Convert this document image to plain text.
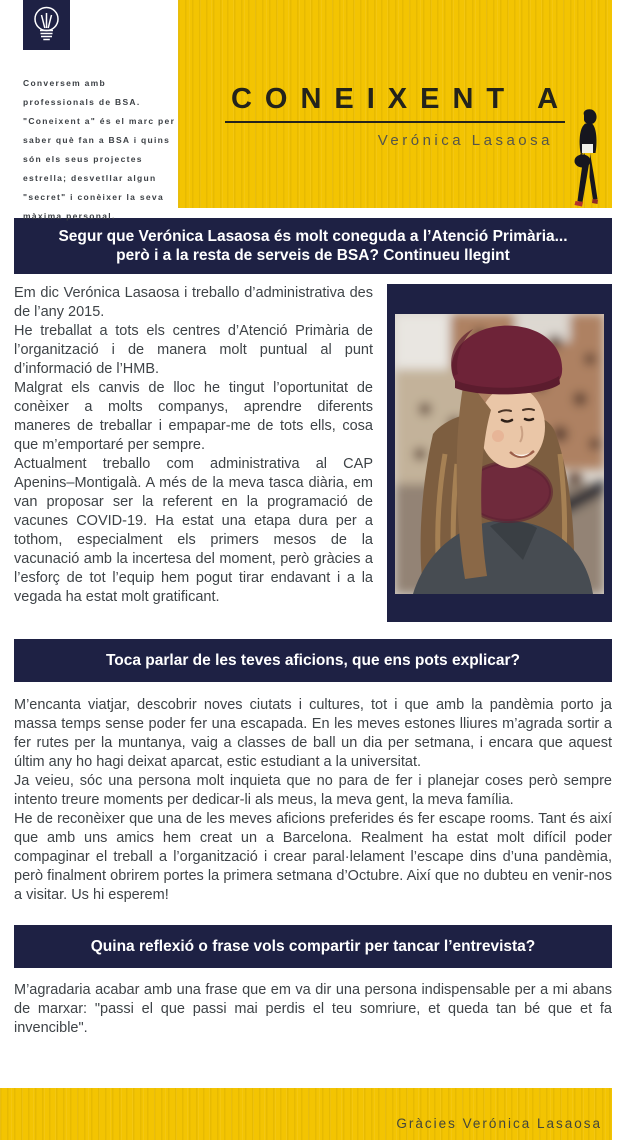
Conversem amb professionals de BSA. "Coneixent a" és el marc per saber què fan a BSA i quins són els seus projectes estrella; desvetllar algun "secret" i conèixer la seva màxima personal.

CONEIXENT A
Verónica Lasaosa
Segur que Verónica Lasaosa és molt coneguda a l’Atenció Primària... però i a la resta de serveis de BSA? Continueu llegint

Em dic Verónica Lasaosa i treballo d’administrativa des de l’any 2015.

He treballat a tots els centres d’Atenció Primària de l’organització i de manera molt puntual al punt d’informació de l’HMB.

Malgrat els canvis de lloc he tingut l’oportunitat de conèixer a molts companys, aprendre diferents maneres de treballar i empapar-me de tots ells, cosa que m’emportaré per sempre.

Actualment treballo com administrativa al CAP Apenins–Montigalà. A més de la meva tasca diària, em van proposar ser la referent en la programació de vacunes COVID-19. Ha estat una etapa dura per a tothom, especialment els primers mesos de la vacunació amb la incertesa del moment, però gràcies a l’esforç de tot l’equip hem pogut tirar endavant i a la vegada ha estat molt gratificant.

Toca parlar de les teves aficions, que ens pots explicar?

M’encanta viatjar, descobrir noves ciutats i cultures, tot i que amb la pandèmia porto ja massa temps sense poder fer una escapada. En les meves estones lliures m’agrada sortir a fer rutes per la muntanya, vaig a classes de ball un dia per setmana, i encara que aquest últim any ho hagi deixat aparcat, estic estudiant a la universitat.

Ja veieu, sóc una persona molt inquieta que no para de fer i planejar coses però sempre intento treure moments per dedicar-li als meus, la meva gent, la meva família.

He de reconèixer que una de les meves aficions preferides és fer escape rooms. Tant és així que amb uns amics hem creat un a Barcelona. Realment ha estat molt difícil poder compaginar el treball a l’organització i crear paral·lelament l’escape dins d’una pandèmia, però finalment obrirem portes la primera setmana d’Octubre. Així que no dubteu en venir-nos a visitar. Us hi esperem!

Quina reflexió o frase vols compartir per tancar l’entrevista?

M’agradaria acabar amb una frase que em va dir una persona indispensable per a mi abans de marxar: "passi el que passi mai perdis el teu somriure, et queda tan bé que et fa invencible".

Gràcies Verónica Lasaosa
